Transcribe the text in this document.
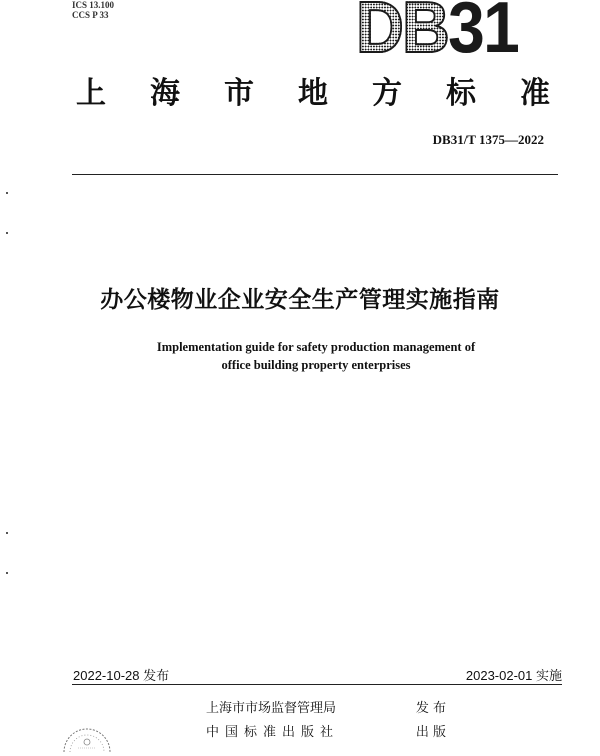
ICS 13.100
CCS P 33	DB31
上 海 市 地 方 标 准
DB31/T 1375—2022
办公楼物业企业安全生产管理实施指南
Implementation guide for safety production management of
office building property enterprises
2022-10-28 发布	2023-02-01 实施
上海市市场监督管理局	发 布
中国标准出版社	出 版
